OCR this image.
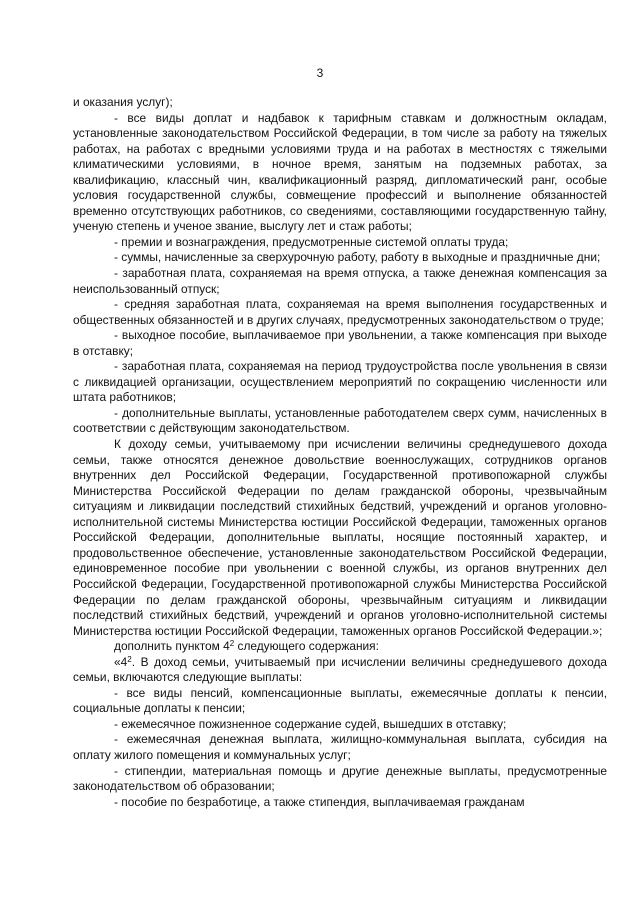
3

и оказания услуг);

- все виды доплат и надбавок к тарифным ставкам и должностным окладам, установленные законодательством Российской Федерации, в том числе за работу на тяжелых работах, на работах с вредными условиями труда и на работах в местностях с тяжелыми климатическими условиями, в ночное время, занятым на подземных работах, за квалификацию, классный чин, квалификационный разряд, дипломатический ранг, особые условия государственной службы, совмещение профессий и выполнение обязанностей временно отсутствующих работников, со сведениями, составляющими государственную тайну, ученую степень и ученое звание, выслугу лет и стаж работы;

- премии и вознаграждения, предусмотренные системой оплаты труда;

- суммы, начисленные за сверхурочную работу, работу в выходные и праздничные дни;

- заработная плата, сохраняемая на время отпуска, а также денежная компенсация за неиспользованный отпуск;

- средняя заработная плата, сохраняемая на время выполнения государственных и общественных обязанностей и в других случаях, предусмотренных законодательством о труде;

- выходное пособие, выплачиваемое при увольнении, а также компенсация при выходе в отставку;

- заработная плата, сохраняемая на период трудоустройства после увольнения в связи с ликвидацией организации, осуществлением мероприятий по сокращению численности или штата работников;

- дополнительные выплаты, установленные работодателем сверх сумм, начисленных в соответствии с действующим законодательством.

К доходу семьи, учитываемому при исчислении величины среднедушевого дохода семьи, также относятся денежное довольствие военнослужащих, сотрудников органов внутренних дел Российской Федерации, Государственной противопожарной службы Министерства Российской Федерации по делам гражданской обороны, чрезвычайным ситуациям и ликвидации последствий стихийных бедствий, учреждений и органов уголовно-исполнительной системы Министерства юстиции Российской Федерации, таможенных органов Российской Федерации, дополнительные выплаты, носящие постоянный характер, и продовольственное обеспечение, установленные законодательством Российской Федерации, единовременное пособие при увольнении с военной службы, из органов внутренних дел Российской Федерации, Государственной противопожарной службы Министерства Российской Федерации по делам гражданской обороны, чрезвычайным ситуациям и ликвидации последствий стихийных бедствий, учреждений и органов уголовно-исполнительной системы Министерства юстиции Российской Федерации, таможенных органов Российской Федерации.»;

дополнить пунктом $4^2$ следующего содержания:

«$4^2$. В доход семьи, учитываемый при исчислении величины среднедушевого дохода семьи, включаются следующие выплаты:

- все виды пенсий, компенсационные выплаты, ежемесячные доплаты к пенсии, социальные доплаты к пенсии;

- ежемесячное пожизненное содержание судей, вышедших в отставку;

- ежемесячная денежная выплата, жилищно-коммунальная выплата, субсидия на оплату жилого помещения и коммунальных услуг;

- стипендии, материальная помощь и другие денежные выплаты, предусмотренные законодательством об образовании;

- пособие по безработице, а также стипендия, выплачиваемая гражданам
